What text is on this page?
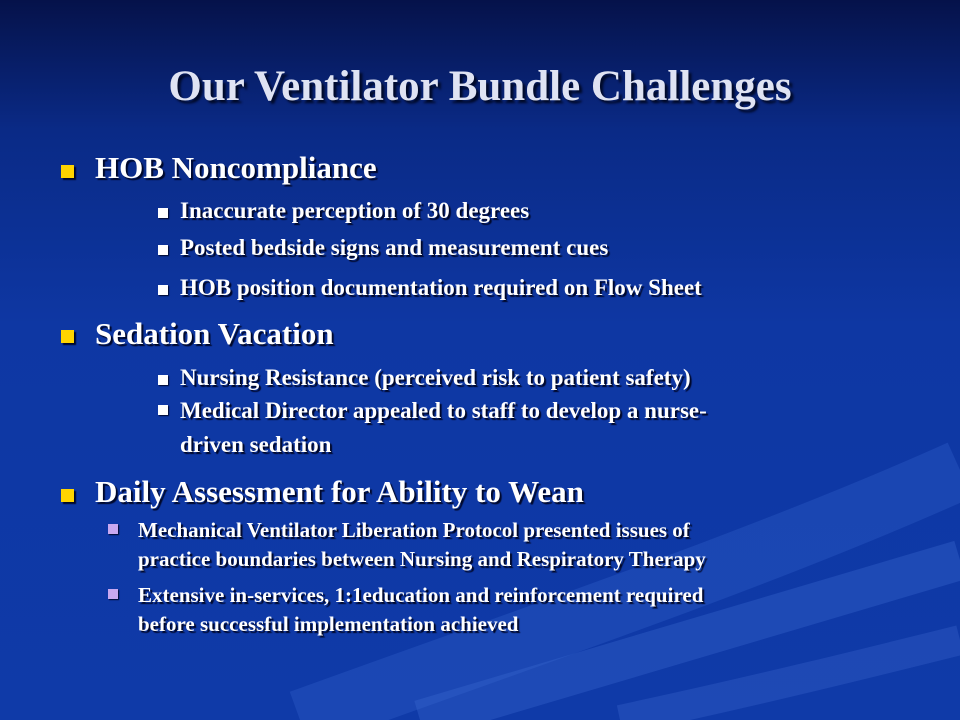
Our Ventilator Bundle Challenges
HOB Noncompliance
Inaccurate perception of 30 degrees
Posted bedside signs and measurement cues
HOB position documentation required on Flow Sheet
Sedation Vacation
Nursing Resistance (perceived risk to patient safety)
Medical Director appealed to staff to develop a nurse-
driven sedation
Daily Assessment for Ability to Wean
Mechanical Ventilator Liberation Protocol presented issues of
practice boundaries between Nursing and Respiratory Therapy
Extensive in-services, 1:1education and reinforcement required
before successful implementation achieved
